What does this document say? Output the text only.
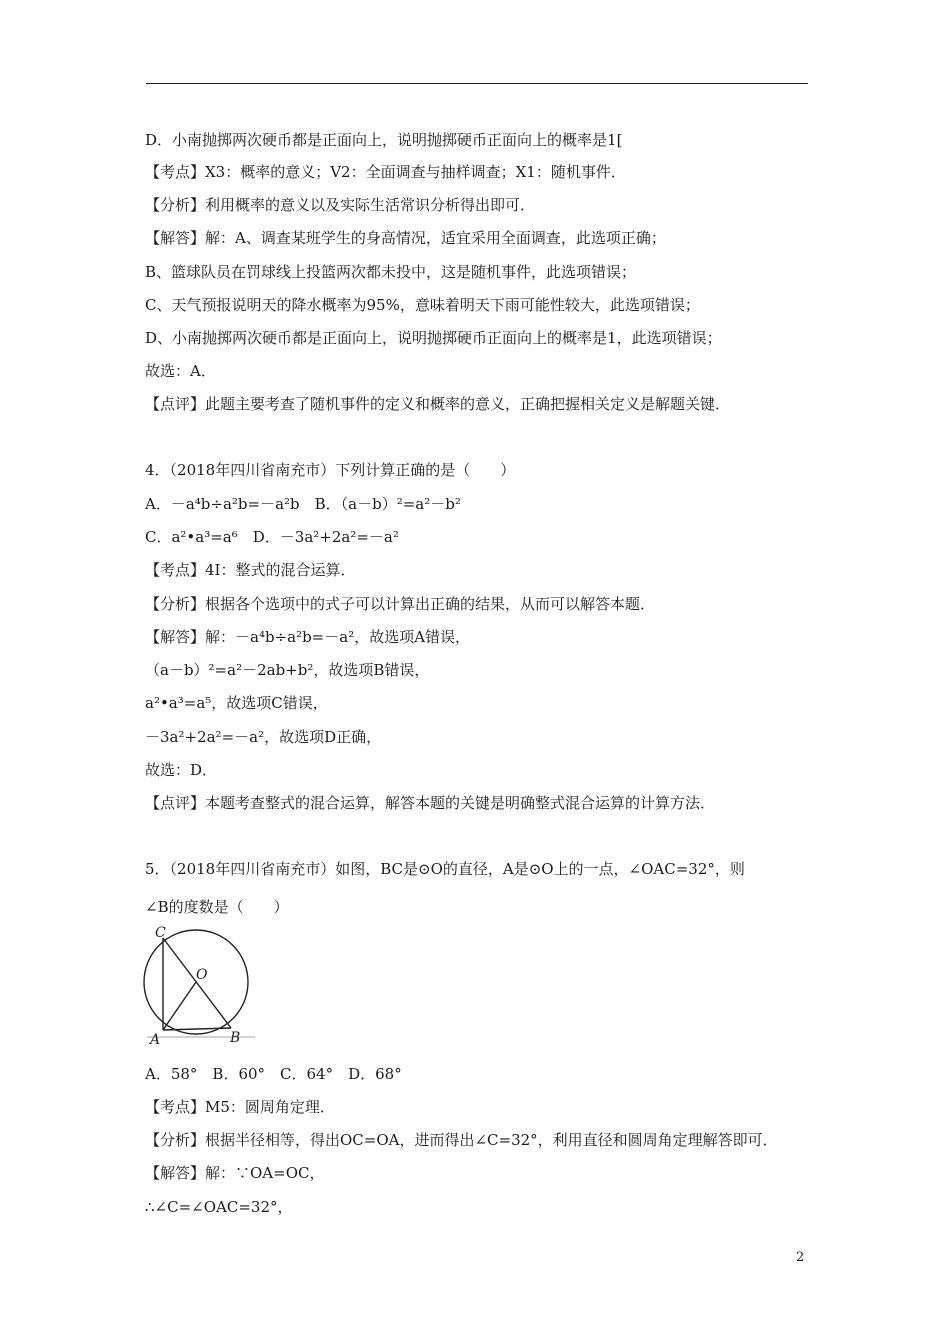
D．小南抛掷两次硬币都是正面向上，说明抛掷硬币正面向上的概率是1[
【考点】X3：概率的意义；V2：全面调查与抽样调查；X1：随机事件．
【分析】利用概率的意义以及实际生活常识分析得出即可．
【解答】解：A、调查某班学生的身高情况，适宜采用全面调查，此选项正确；
B、篮球队员在罚球线上投篮两次都未投中，这是随机事件，此选项错误；
C、天气预报说明天的降水概率为95%，意味着明天下雨可能性较大，此选项错误；
D、小南抛掷两次硬币都是正面向上，说明抛掷硬币正面向上的概率是1，此选项错误；
故选：A．
【点评】此题主要考查了随机事件的定义和概率的意义，正确把握相关定义是解题关键．
4．（2018年四川省南充市）下列计算正确的是（　　）
A．－a⁴b÷a²b=－a²b　B．（a－b）²=a²－b²
C．a²•a³=a⁶　D．－3a²+2a²=－a²
【考点】4I：整式的混合运算．
【分析】根据各个选项中的式子可以计算出正确的结果，从而可以解答本题．
【解答】解：－a⁴b÷a²b=－a²，故选项A错误，
（a－b）²=a²－2ab+b²，故选项B错误，
a²•a³=a⁵，故选项C错误，
－3a²+2a²=－a²，故选项D正确，
故选：D．
【点评】本题考查整式的混合运算，解答本题的关键是明确整式混合运算的计算方法．
5．（2018年四川省南充市）如图，BC是⊙O的直径，A是⊙O上的一点，∠OAC=32°，则
∠B的度数是（　　）
C
O
A	B
A．58°　B．60°　C．64°　D．68°
【考点】M5：圆周角定理．
【分析】根据半径相等，得出OC=OA，进而得出∠C=32°，利用直径和圆周角定理解答即可．
【解答】解：∵OA=OC，
∴∠C=∠OAC=32°，
2
